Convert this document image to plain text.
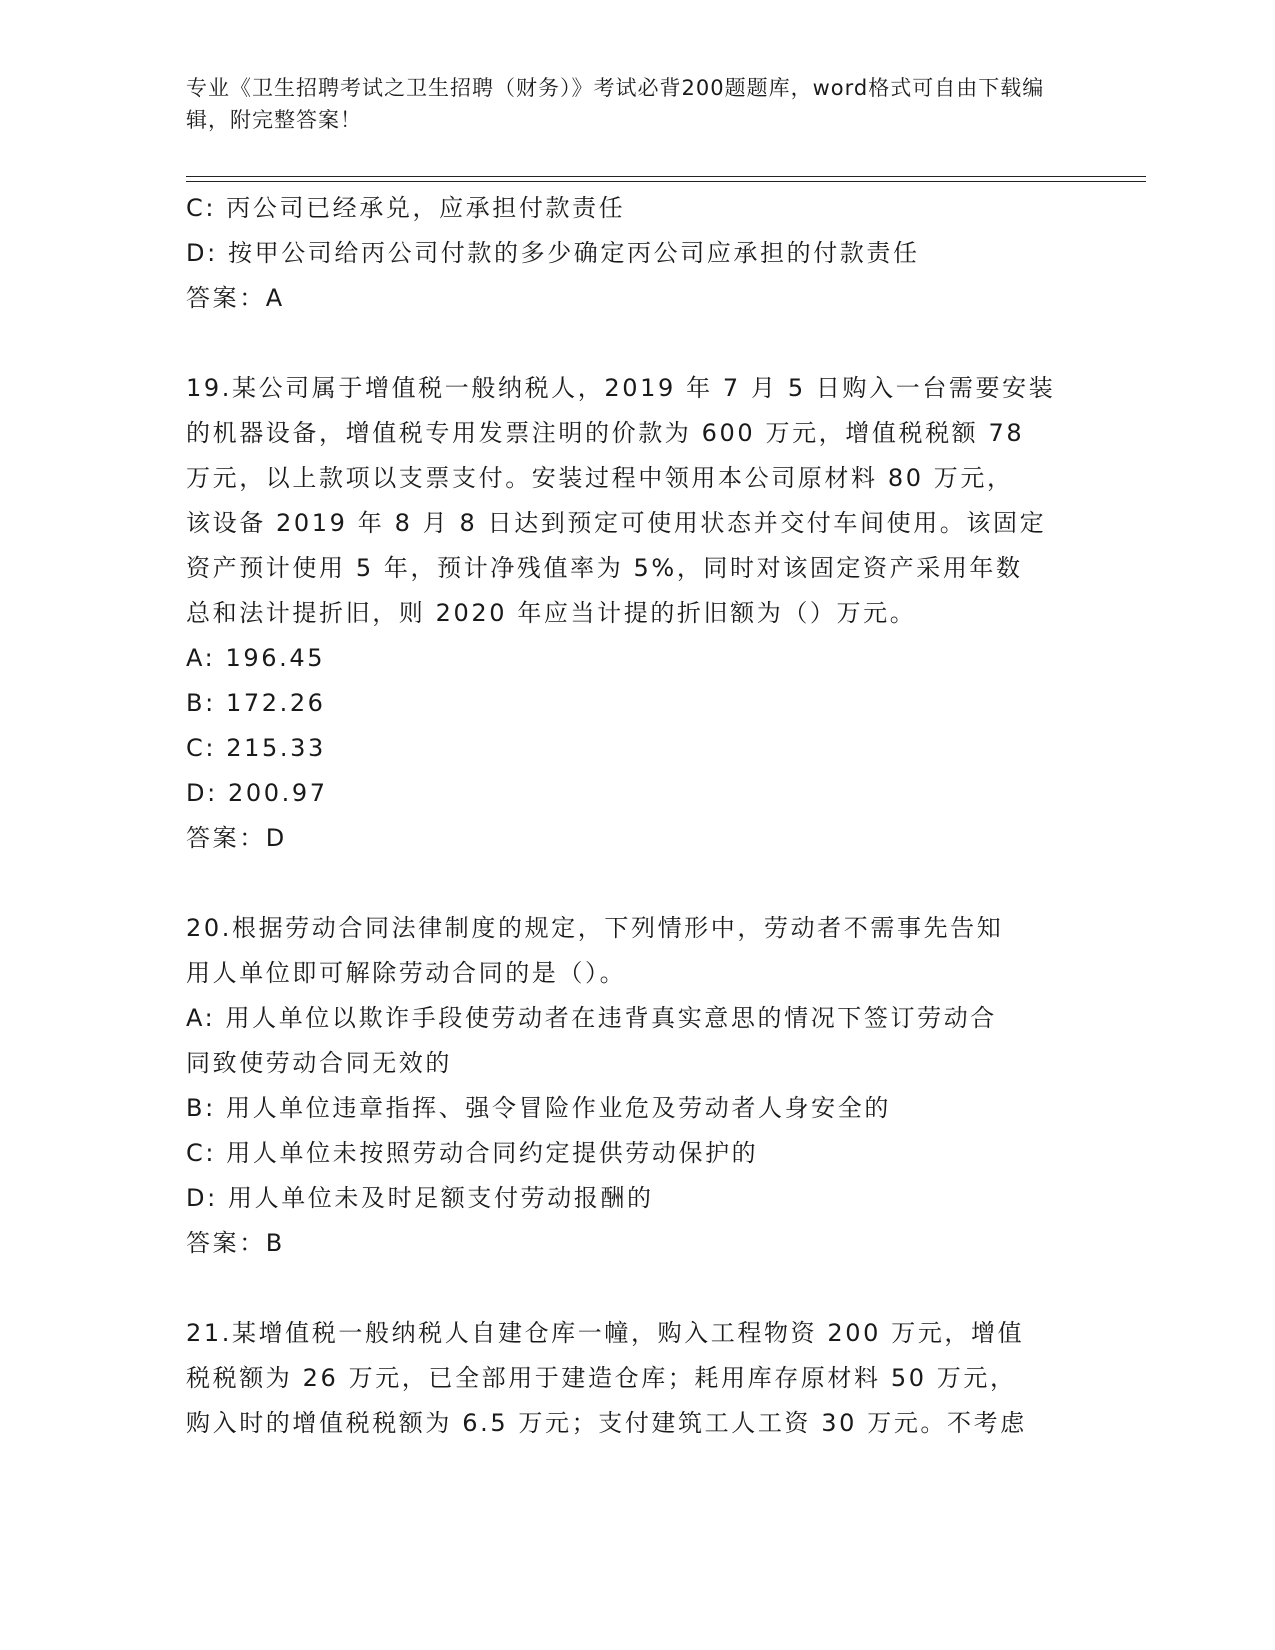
专业《卫生招聘考试之卫生招聘（财务）》考试必背200题题库，word格式可自由下载编辑，附完整答案！

C: 丙公司已经承兑，应承担付款责任

D: 按甲公司给丙公司付款的多少确定丙公司应承担的付款责任

答案：A

19.某公司属于增值税一般纳税人，2019 年 7 月 5 日购入一台需要安装

的机器设备，增值税专用发票注明的价款为 600 万元，增值税税额 78

万元，以上款项以支票支付。安装过程中领用本公司原材料 80 万元，

该设备 2019 年 8 月 8 日达到预定可使用状态并交付车间使用。该固定

资产预计使用 5 年，预计净残值率为 5%，同时对该固定资产采用年数

总和法计提折旧，则 2020 年应当计提的折旧额为（）万元。

A: 196.45

B: 172.26

C: 215.33

D: 200.97

答案：D

20.根据劳动合同法律制度的规定，下列情形中，劳动者不需事先告知

用人单位即可解除劳动合同的是（）。

A: 用人单位以欺诈手段使劳动者在违背真实意思的情况下签订劳动合

同致使劳动合同无效的

B: 用人单位违章指挥、强令冒险作业危及劳动者人身安全的

C: 用人单位未按照劳动合同约定提供劳动保护的

D: 用人单位未及时足额支付劳动报酬的

答案：B

21.某增值税一般纳税人自建仓库一幢，购入工程物资 200 万元，增值

税税额为 26 万元，已全部用于建造仓库；耗用库存原材料 50 万元，

购入时的增值税税额为 6.5 万元；支付建筑工人工资 30 万元。不考虑
